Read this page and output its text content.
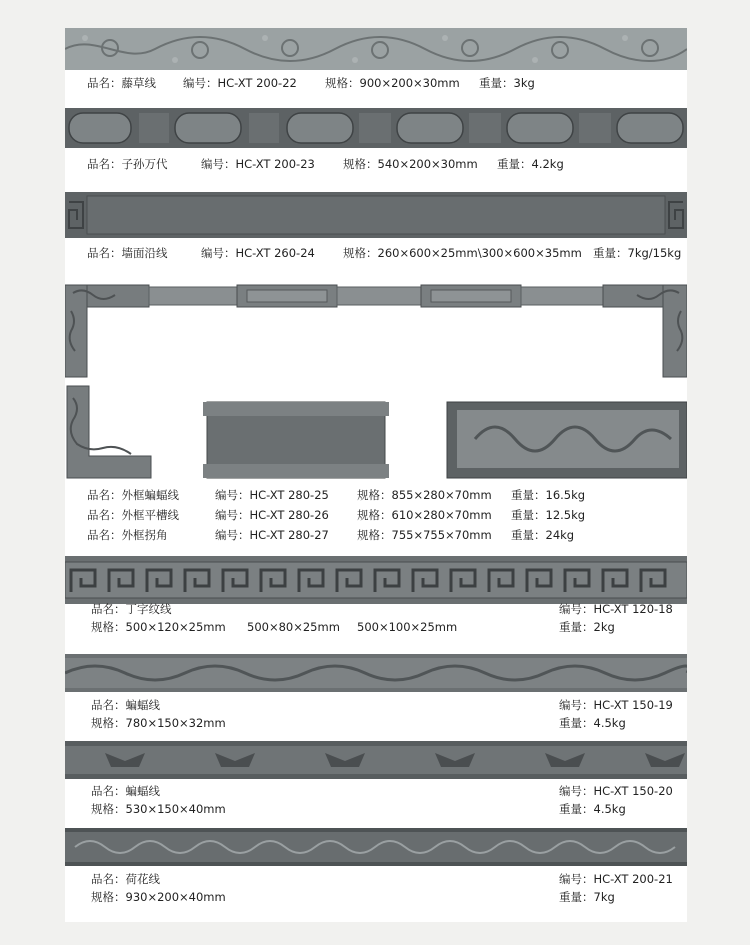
品名：藤草线 编号：HC-XT 200-22 规格：900×200×30mm 重量：3kg
品名：子孙万代	编号：HC-XT 200-23 规格：540×200×30mm 重量：4.2kg
品名：墙面沿线	编号：HC-XT 260-24 规格：260×600×25mm\300×600×35mm 重量：7kg/15kg
品名：外框蝙蝠线	编号：HC-XT 280-25 规格：855×280×70mm 重量：16.5kg
品名：外框平槽线	编号：HC-XT 280-26 规格：610×280×70mm 重量：12.5kg
品名：外框拐角	编号：HC-XT 280-27 规格：755×755×70mm 重量：24kg
品名：丁字纹线	编号：HC-XT 120-18
规格：500×120×25mm 500×80×25mm 500×100×25mm	重量：2kg
品名：蝙蝠线	编号：HC-XT 150-19
规格：780×150×32mm	重量：4.5kg
品名：蝙蝠线	编号：HC-XT 150-20
规格：530×150×40mm	重量：4.5kg
品名：荷花线	编号：HC-XT 200-21
规格：930×200×40mm	重量：7kg
